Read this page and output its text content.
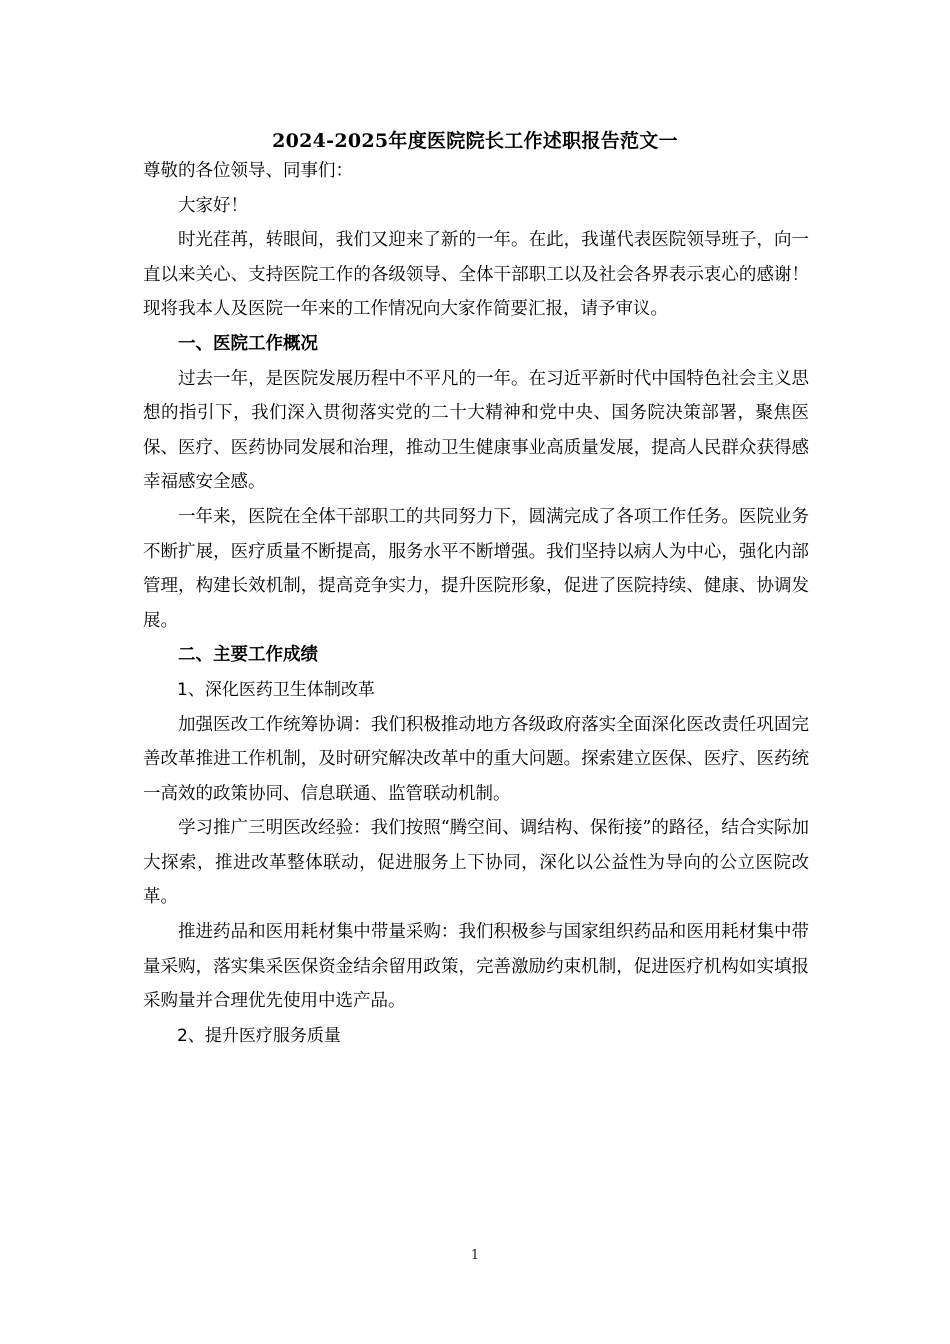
2024-2025年度医院院长工作述职报告范文一

尊敬的各位领导、同事们：

大家好！

时光荏苒，转眼间，我们又迎来了新的一年。在此，我谨代表医院领导班子，向一直以来关心、支持医院工作的各级领导、全体干部职工以及社会各界表示衷心的感谢！现将我本人及医院一年来的工作情况向大家作简要汇报，请予审议。

一、医院工作概况

过去一年，是医院发展历程中不平凡的一年。在习近平新时代中国特色社会主义思想的指引下，我们深入贯彻落实党的二十大精神和党中央、国务院决策部署，聚焦医保、医疗、医药协同发展和治理，推动卫生健康事业高质量发展，提高人民群众获得感幸福感安全感。

一年来，医院在全体干部职工的共同努力下，圆满完成了各项工作任务。医院业务不断扩展，医疗质量不断提高，服务水平不断增强。我们坚持以病人为中心，强化内部管理，构建长效机制，提高竞争实力，提升医院形象，促进了医院持续、健康、协调发展。

二、主要工作成绩

1、深化医药卫生体制改革

加强医改工作统筹协调：我们积极推动地方各级政府落实全面深化医改责任巩固完善改革推进工作机制，及时研究解决改革中的重大问题。探索建立医保、医疗、医药统一高效的政策协同、信息联通、监管联动机制。

学习推广三明医改经验：我们按照“腾空间、调结构、保衔接”的路径，结合实际加大探索，推进改革整体联动，促进服务上下协同，深化以公益性为导向的公立医院改革。

推进药品和医用耗材集中带量采购：我们积极参与国家组织药品和医用耗材集中带量采购，落实集采医保资金结余留用政策，完善激励约束机制，促进医疗机构如实填报采购量并合理优先使用中选产品。

2、提升医疗服务质量

1
